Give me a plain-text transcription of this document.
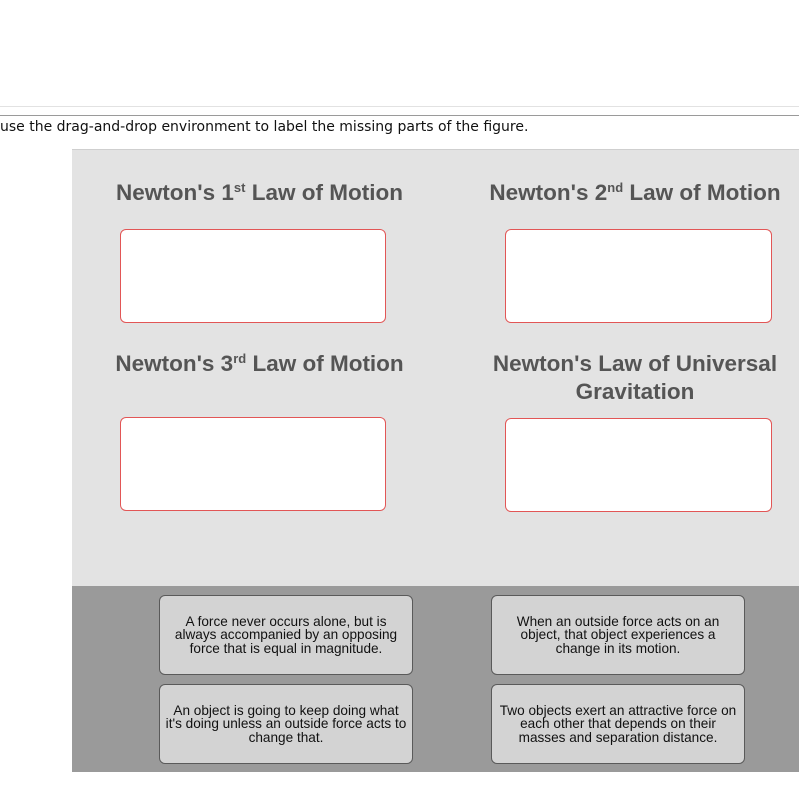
use the drag-and-drop environment to label the missing parts of the figure.
Newton's 1st Law of Motion	Newton's 2nd Law of Motion
Newton's 3rd Law of Motion	Newton's Law of Universal
Gravitation
A force never occurs alone, but is always accompanied by an opposing force that is equal in magnitude.
When an outside force acts on an object, that object experiences a change in its motion.
An object is going to keep doing what it's doing unless an outside force acts to change that.
Two objects exert an attractive force on each other that depends on their masses and separation distance.
